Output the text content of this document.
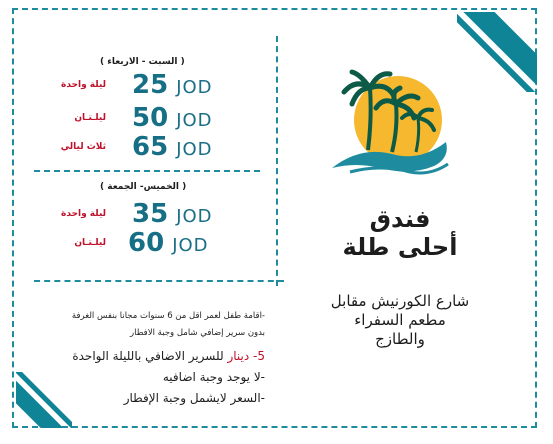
( السبت - الاربعاء )
ليلة واحدة 25 JOD
ليلـتـان 50 JOD
ثلاث ليالي 65 JOD
( الخميس- الجمعة )
ليلة واحدة 35 JOD
ليلـتـان 60 JOD
فندق
أحلى طلة
شارع الكورنيش مقابل
مطعم السفراء
والطازج
-اقامة طفل لعمر اقل من 6 سنوات مجانا بنفس الغرفة
بدون سرير إضافي شامل وجبة الافطار
5- دينار للسرير الاضافي بالليلة الواحدة
-لا يوجد وجبة اضافيه
-السعر لايشمل وجبة الإفطار
